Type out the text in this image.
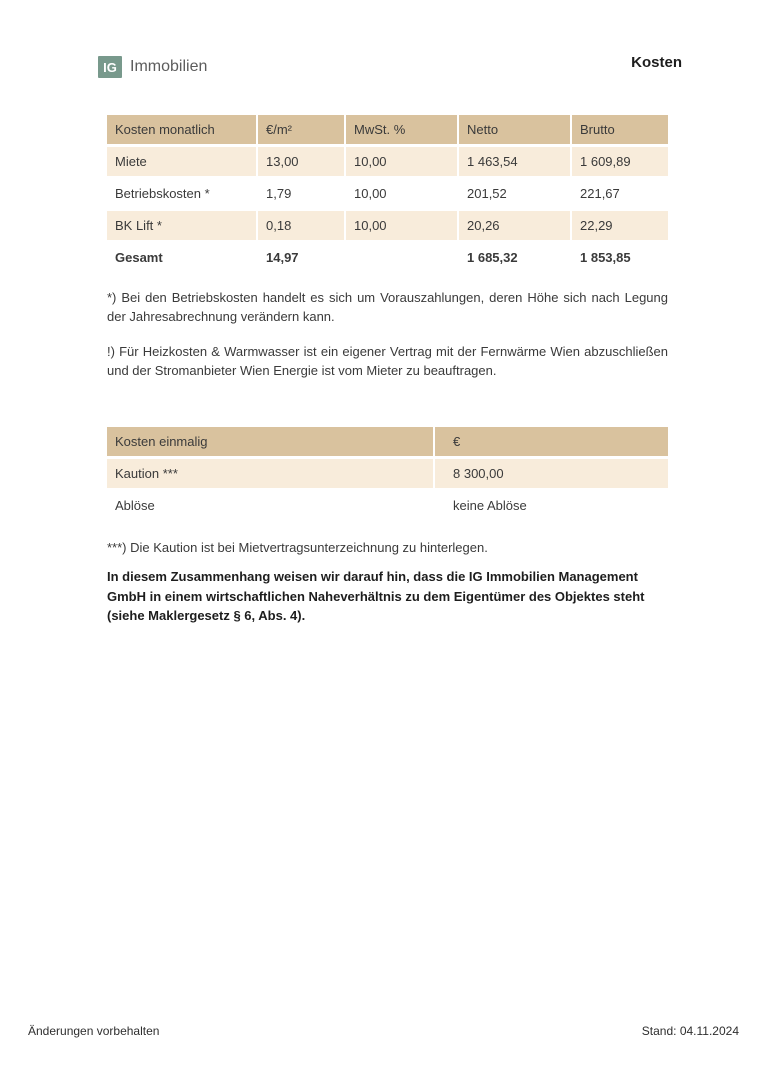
IG Immobilien	Kosten
Kosten monatlich	€/m²	MwSt. %	Netto	Brutto
Miete	13,00	10,00	1 463,54	1 609,89
Betriebskosten *	1,79	10,00	201,52	221,67
BK Lift *	0,18	10,00	20,26	22,29
Gesamt	14,97		1 685,32	1 853,85

*) Bei den Betriebskosten handelt es sich um Vorauszahlungen, deren Höhe sich nach Legung der Jahresabrechnung verändern kann.

!) Für Heizkosten & Warmwasser ist ein eigener Vertrag mit der Fernwärme Wien abzuschließen und der Stromanbieter Wien Energie ist vom Mieter zu beauftragen.

Kosten einmalig	€
Kaution ***	8 300,00
Ablöse	keine Ablöse

***) Die Kaution ist bei Mietvertragsunterzeichnung zu hinterlegen.

In diesem Zusammenhang weisen wir darauf hin, dass die IG Immobilien Management GmbH in einem wirtschaftlichen Naheverhältnis zu dem Eigentümer des Objektes steht (siehe Maklergesetz § 6, Abs. 4).

Änderungen vorbehalten	Stand: 04.11.2024
